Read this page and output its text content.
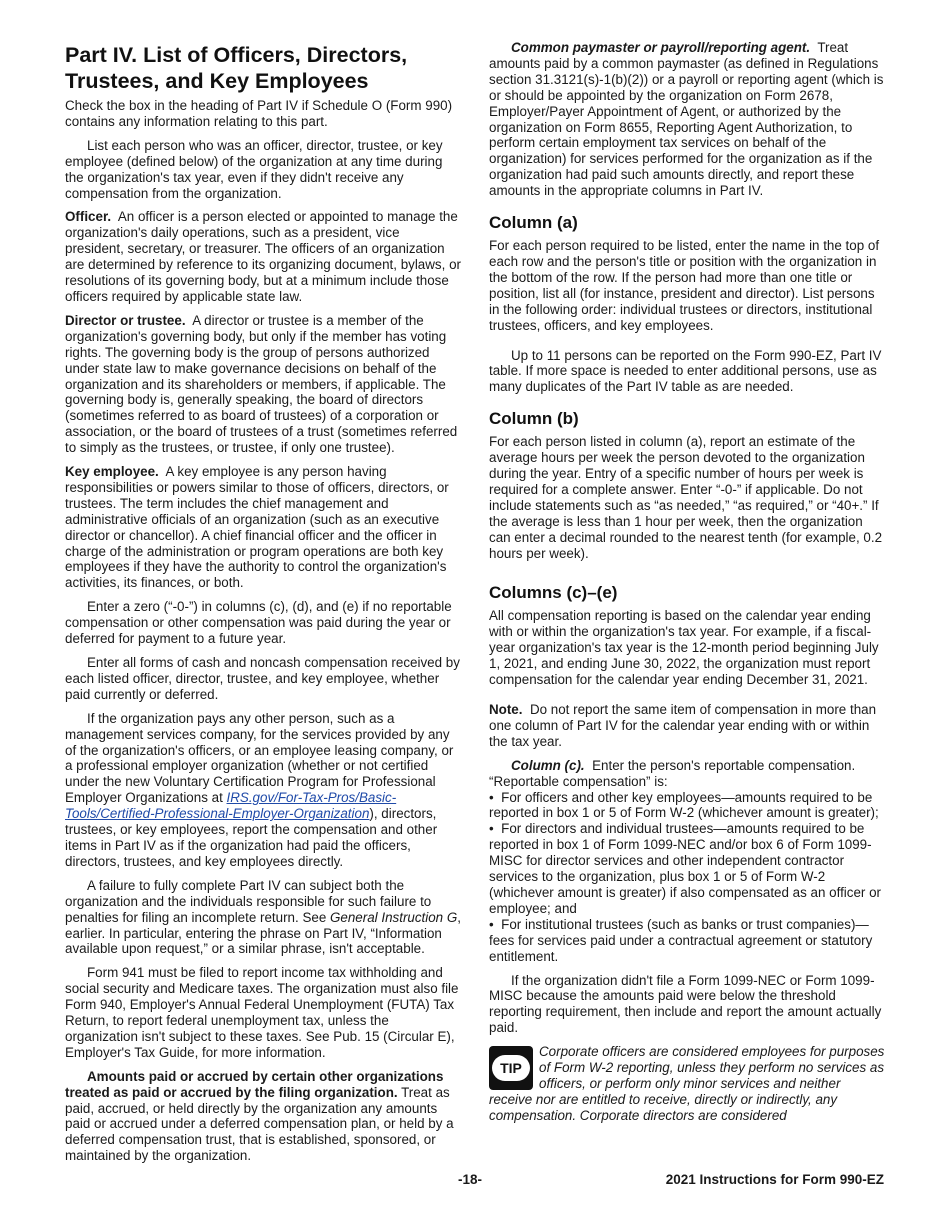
Part IV. List of Officers, Directors, Trustees, and Key Employees

Check the box in the heading of Part IV if Schedule O (Form 990) contains any information relating to this part.

List each person who was an officer, director, trustee, or key employee (defined below) of the organization at any time during the organization's tax year, even if they didn't receive any compensation from the organization.

Officer. An officer is a person elected or appointed to manage the organization's daily operations, such as a president, vice president, secretary, or treasurer. The officers of an organization are determined by reference to its organizing document, bylaws, or resolutions of its governing body, but at a minimum include those officers required by applicable state law.

Director or trustee. A director or trustee is a member of the organization's governing body, but only if the member has voting rights. The governing body is the group of persons authorized under state law to make governance decisions on behalf of the organization and its shareholders or members, if applicable. The governing body is, generally speaking, the board of directors (sometimes referred to as board of trustees) of a corporation or association, or the board of trustees of a trust (sometimes referred to simply as the trustees, or trustee, if only one trustee).

Key employee. A key employee is any person having responsibilities or powers similar to those of officers, directors, or trustees. The term includes the chief management and administrative officials of an organization (such as an executive director or chancellor). A chief financial officer and the officer in charge of the administration or program operations are both key employees if they have the authority to control the organization's activities, its finances, or both.

Enter a zero (“-0-”) in columns (c), (d), and (e) if no reportable compensation or other compensation was paid during the year or deferred for payment to a future year.

Enter all forms of cash and noncash compensation received by each listed officer, director, trustee, and key employee, whether paid currently or deferred.

If the organization pays any other person, such as a management services company, for the services provided by any of the organization's officers, or an employee leasing company, or a professional employer organization (whether or not certified under the new Voluntary Certification Program for Professional Employer Organizations at IRS.gov/For-Tax-Pros/Basic-Tools/Certified-Professional-Employer-Organization), directors, trustees, or key employees, report the compensation and other items in Part IV as if the organization had paid the officers, directors, trustees, and key employees directly.

A failure to fully complete Part IV can subject both the organization and the individuals responsible for such failure to penalties for filing an incomplete return. See General Instruction G, earlier. In particular, entering the phrase on Part IV, “Information available upon request,” or a similar phrase, isn't acceptable.

Form 941 must be filed to report income tax withholding and social security and Medicare taxes. The organization must also file Form 940, Employer's Annual Federal Unemployment (FUTA) Tax Return, to report federal unemployment tax, unless the organization isn't subject to these taxes. See Pub. 15 (Circular E), Employer's Tax Guide, for more information.

Amounts paid or accrued by certain other organizations treated as paid or accrued by the filing organization. Treat as paid, accrued, or held directly by the organization any amounts paid or accrued under a deferred compensation plan, or held by a deferred compensation trust, that is established, sponsored, or maintained by the organization.

Common paymaster or payroll/reporting agent. Treat amounts paid by a common paymaster (as defined in Regulations section 31.3121(s)-1(b)(2)) or a payroll or reporting agent (which is or should be appointed by the organization on Form 2678, Employer/Payer Appointment of Agent, or authorized by the organization on Form 8655, Reporting Agent Authorization, to perform certain employment tax services on behalf of the organization) for services performed for the organization as if the organization had paid such amounts directly, and report these amounts in the appropriate columns in Part IV.

Column (a)

For each person required to be listed, enter the name in the top of each row and the person's title or position with the organization in the bottom of the row. If the person had more than one title or position, list all (for instance, president and director). List persons in the following order: individual trustees or directors, institutional trustees, officers, and key employees.

Up to 11 persons can be reported on the Form 990-EZ, Part IV table. If more space is needed to enter additional persons, use as many duplicates of the Part IV table as are needed.

Column (b)

For each person listed in column (a), report an estimate of the average hours per week the person devoted to the organization during the year. Entry of a specific number of hours per week is required for a complete answer. Enter “-0-” if applicable. Do not include statements such as “as needed,” “as required,” or “40+.” If the average is less than 1 hour per week, then the organization can enter a decimal rounded to the nearest tenth (for example, 0.2 hours per week).

Columns (c)–(e)

All compensation reporting is based on the calendar year ending with or within the organization's tax year. For example, if a fiscal-year organization's tax year is the 12-month period beginning July 1, 2021, and ending June 30, 2022, the organization must report compensation for the calendar year ending December 31, 2021.

Note. Do not report the same item of compensation in more than one column of Part IV for the calendar year ending with or within the tax year.

Column (c). Enter the person's reportable compensation. “Reportable compensation” is:

• For officers and other key employees—amounts required to be reported in box 1 or 5 of Form W-2 (whichever amount is greater);

• For directors and individual trustees—amounts required to be reported in box 1 of Form 1099-NEC and/or box 6 of Form 1099-MISC for director services and other independent contractor services to the organization, plus box 1 or 5 of Form W-2 (whichever amount is greater) if also compensated as an officer or employee; and

• For institutional trustees (such as banks or trust companies)—fees for services paid under a contractual agreement or statutory entitlement.

If the organization didn't file a Form 1099-NEC or Form 1099-MISC because the amounts paid were below the threshold reporting requirement, then include and report the amount actually paid.

TIP
Corporate officers are considered employees for purposes of Form W-2 reporting, unless they perform no services as officers, or perform only minor services and neither receive nor are entitled to receive, directly or indirectly, any compensation. Corporate directors are considered
-18-	2021 Instructions for Form 990-EZ
